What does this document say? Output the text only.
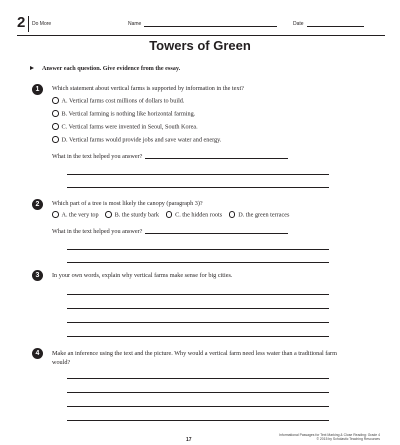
2 Do More	Name	Date
Towers of Green
Answer each question. Give evidence from the essay.
1	Which statement about vertical farms is supported by information in the text?
A. Vertical farms cost millions of dollars to build.
B. Vertical farming is nothing like horizontal farming.
C. Vertical farms were invented in Seoul, South Korea.
D. Vertical farms would provide jobs and save water and energy.
What in the text helped you answer?
2	Which part of a tree is most likely the canopy (paragraph 3)?
A. the very top	B. the sturdy bark	C. the hidden roots	D. the green terraces
What in the text helped you answer?
3	In your own words, explain why vertical farms make sense for big cities.
4	Make an inference using the text and the picture. Why would a vertical farm need less water than a traditional farm would?
17
Informational Passages for Text Marking & Close Reading: Grade 4
© 2015 by Scholastic Teaching Resources
